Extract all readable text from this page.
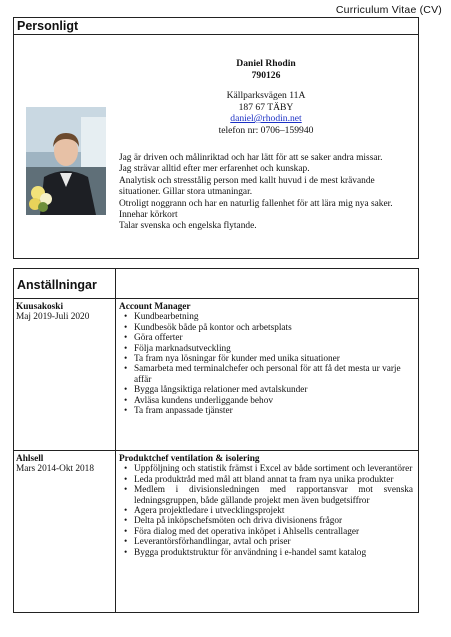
Curriculum Vitae (CV)
Personligt
Daniel Rhodin
790126
Källparksvägen 11A
187 67 TÄBY
daniel@rhodin.net
telefon nr: 0706–159940
Jag är driven och målinriktad och har lätt för att se saker andra missar.
Jag strävar alltid efter mer erfarenhet och kunskap.
Analytisk och stresstålig person med kallt huvud i de mest krävande situationer. Gillar stora utmaningar.
Otroligt noggrann och har en naturlig fallenhet för att lära mig nya saker.
Innehar körkort
Talar svenska och engelska flytande.
Anställningar
Kuusakoski
Maj 2019-Juli 2020
Account Manager
• Kundbearbetning
• Kundbesök både på kontor och arbetsplats
• Göra offerter
• Följa marknadsutveckling
• Ta fram nya lösningar för kunder med unika situationer
• Samarbeta med terminalchefer och personal för att få det mesta ur varje affär
• Bygga långsiktiga relationer med avtalskunder
• Avläsa kundens underliggande behov
• Ta fram anpassade tjänster
Ahlsell
Mars 2014-Okt 2018
Produktchef ventilation & isolering
• Uppföljning och statistik främst i Excel av både sortiment och leverantörer
• Leda produktråd med mål att bland annat ta fram nya unika produkter
• Medlem i divisionsledningen med rapportansvar mot svenska ledningsgruppen, både gällande projekt men även budgetsiffror
• Agera projektledare i utvecklingsprojekt
• Delta på inköpschefsmöten och driva divisionens frågor
• Föra dialog med det operativa inköpet i Ahlsells centrallager
• Leverantörsförhandlingar, avtal och priser
• Bygga produktstruktur för användning i e-handel samt katalog
